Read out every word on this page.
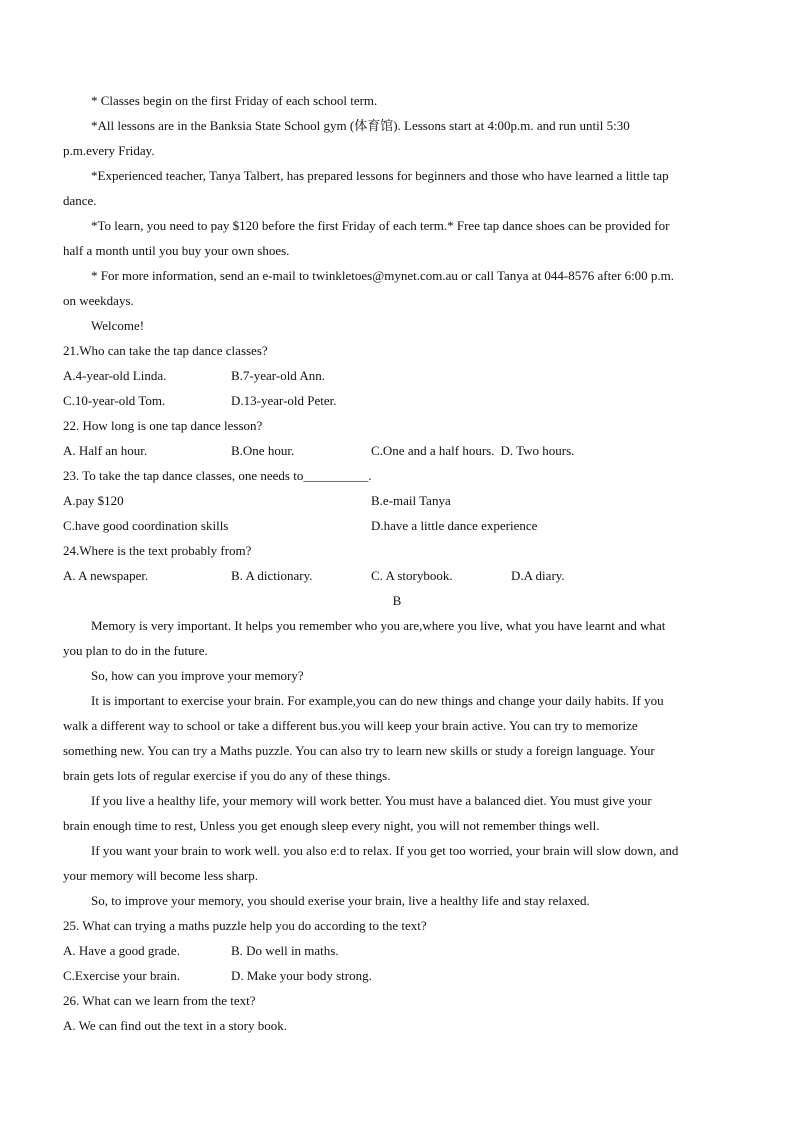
* Classes begin on the first Friday of each school term.

*All lessons are in the Banksia State School gym (体育馆). Lessons start at 4:00p.m. and run until 5:30

p.m.every Friday.

*Experienced teacher, Tanya Talbert, has prepared lessons for beginners and those who have learned a little tap

dance.

*To learn, you need to pay $120 before the first Friday of each term.* Free tap dance shoes can be provided for

half a month until you buy your own shoes.

* For more information, send an e-mail to twinkletoes@mynet.com.au or call Tanya at 044-8576 after 6:00 p.m.

on weekdays.

Welcome!

21.Who can take the tap dance classes?

A.4-year-old Linda.	B.7-year-old Ann.
C.10-year-old Tom.	D.13-year-old Peter.

22. How long is one tap dance lesson?

A. Half an hour.	B.One hour.	C.One and a half hours. D. Two hours.

23. To take the tap dance classes, one needs to__________.

A.pay $120	B.e-mail Tanya
C.have good coordination skills	D.have a little dance experience

24.Where is the text probably from?

A. A newspaper.	B. A dictionary.	C. A storybook.	D.A diary.

B

Memory is very important. It helps you remember who you are,where you live, what you have learnt and what

you plan to do in the future.

So, how can you improve your memory?

It is important to exercise your brain. For example,you can do new things and change your daily habits. If you

walk a different way to school or take a different bus.you will keep your brain active. You can try to memorize

something new. You can try a Maths puzzle. You can also try to learn new skills or study a foreign language. Your

brain gets lots of regular exercise if you do any of these things.

If you live a healthy life, your memory will work better. You must have a balanced diet. You must give your

brain enough time to rest, Unless you get enough sleep every night, you will not remember things well.

If you want your brain to work well. you also e:d to relax. If you get too worried, your brain will slow down, and

your memory will become less sharp.

So, to improve your memory, you should exerise your brain, live a healthy life and stay relaxed.

25. What can trying a maths puzzle help you do according to the text?

A. Have a good grade.	B. Do well in maths.
C.Exercise your brain.	D. Make your body strong.

26. What can we learn from the text?

A. We can find out the text in a story book.
